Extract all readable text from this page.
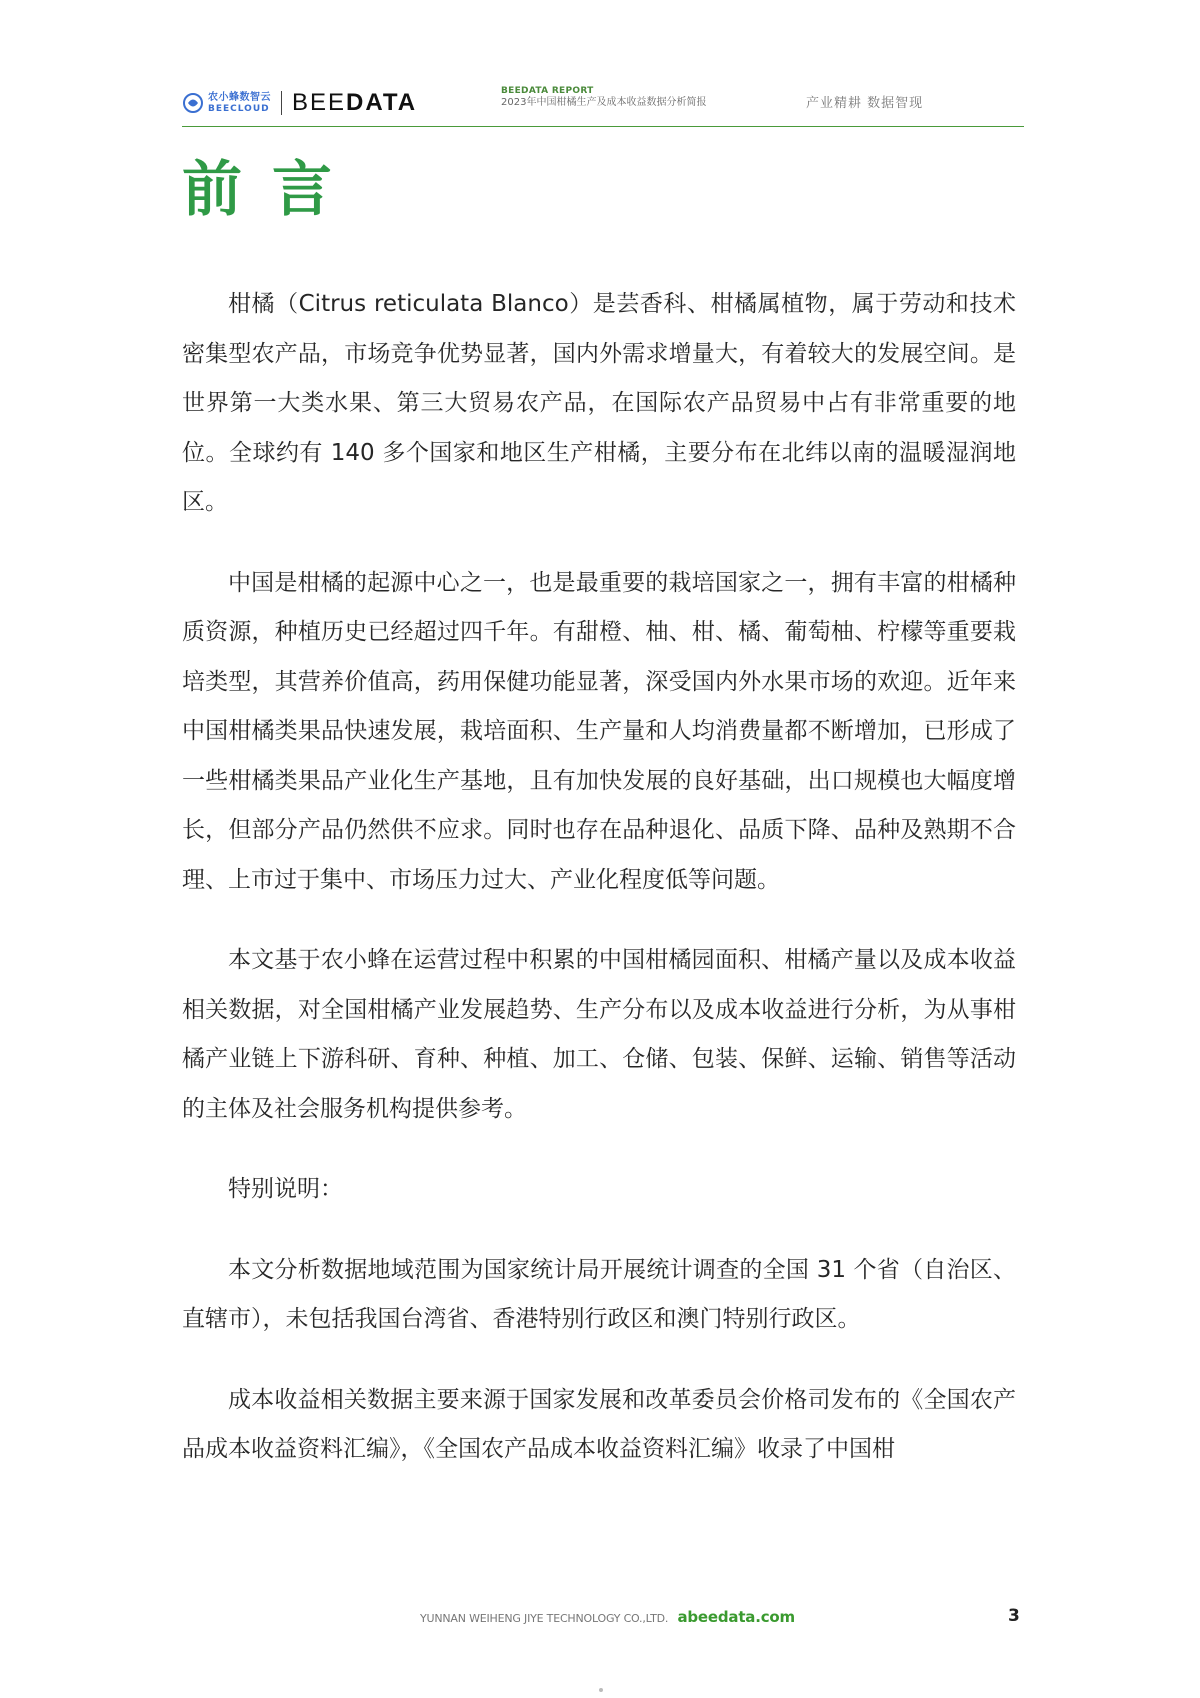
农小蜂数智云
BEECLOUD BEEDATA	BEEDATA REPORT
2023年中国柑橘生产及成本收益数据分析简报	产业精耕 数据智现
前言

柑橘（Citrus reticulata Blanco）是芸香科、柑橘属植物，属于劳动和技术密集型农产品，市场竞争优势显著，国内外需求增量大，有着较大的发展空间。是世界第一大类水果、第三大贸易农产品，在国际农产品贸易中占有非常重要的地位。全球约有 140 多个国家和地区生产柑橘，主要分布在北纬以南的温暖湿润地区。

中国是柑橘的起源中心之一，也是最重要的栽培国家之一，拥有丰富的柑橘种质资源，种植历史已经超过四千年。有甜橙、柚、柑、橘、葡萄柚、柠檬等重要栽培类型，其营养价值高，药用保健功能显著，深受国内外水果市场的欢迎。近年来中国柑橘类果品快速发展，栽培面积、生产量和人均消费量都不断增加，已形成了一些柑橘类果品产业化生产基地，且有加快发展的良好基础，出口规模也大幅度增长，但部分产品仍然供不应求。同时也存在品种退化、品质下降、品种及熟期不合理、上市过于集中、市场压力过大、产业化程度低等问题。

本文基于农小蜂在运营过程中积累的中国柑橘园面积、柑橘产量以及成本收益相关数据，对全国柑橘产业发展趋势、生产分布以及成本收益进行分析，为从事柑橘产业链上下游科研、育种、种植、加工、仓储、包装、保鲜、运输、销售等活动的主体及社会服务机构提供参考。

特别说明：

本文分析数据地域范围为国家统计局开展统计调查的全国 31 个省（自治区、直辖市），未包括我国台湾省、香港特别行政区和澳门特别行政区。

成本收益相关数据主要来源于国家发展和改革委员会价格司发布的《全国农产品成本收益资料汇编》，《全国农产品成本收益资料汇编》收录了中国柑

YUNNAN WEIHENG JIYE TECHNOLOGY CO.,LTD. abeedata.com	3
